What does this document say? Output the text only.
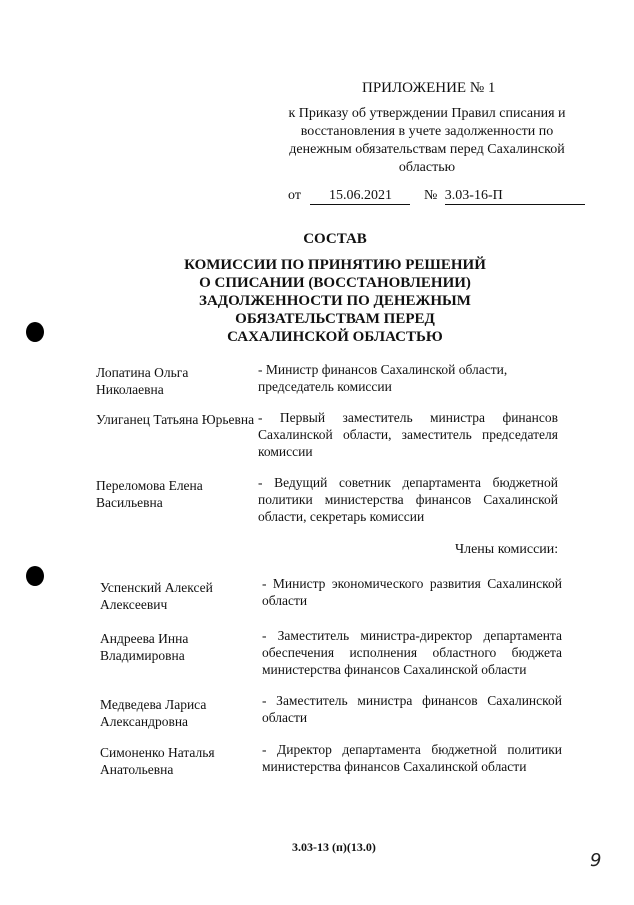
ПРИЛОЖЕНИЕ № 1
к Приказу об утверждении Правил списания и восстановления в учете задолженности по денежным обязательствам перед Сахалинской областью
от 15.06.2021 № 3.03-16-П
СОСТАВ
КОМИССИИ ПО ПРИНЯТИЮ РЕШЕНИЙ О СПИСАНИИ (ВОССТАНОВЛЕНИИ) ЗАДОЛЖЕННОСТИ ПО ДЕНЕЖНЫМ ОБЯЗАТЕЛЬСТВАМ ПЕРЕД САХАЛИНСКОЙ ОБЛАСТЬЮ
Лопатина Ольга Николаевна
- Министр финансов Сахалинской области, председатель комиссии
Улиганец Татьяна Юрьевна - Первый заместитель министра финансов Сахалинской области, заместитель председателя комиссии
Переломова Елена Васильевна
- Ведущий советник департамента бюджетной политики министерства финансов Сахалинской области, секретарь комиссии
Члены комиссии:
Успенский Алексей Алексеевич
- Министр экономического развития Сахалинской области
Андреева Инна Владимировна
- Заместитель министра-директор департамента обеспечения исполнения областного бюджета министерства финансов Сахалинской области
Медведева Лариса Александровна
- Заместитель министра финансов Сахалинской области
Симоненко Наталья Анатольевна
- Директор департамента бюджетной политики министерства финансов Сахалинской области
3.03-13 (п)(13.0)
9
